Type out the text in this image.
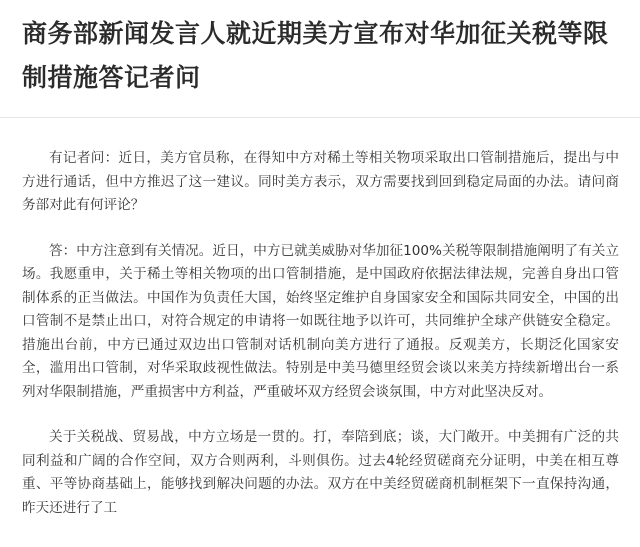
商务部新闻发言人就近期美方宣布对华加征关税等限制措施答记者问

有记者问：近日，美方官员称，在得知中方对稀土等相关物项采取出口管制措施后，提出与中方进行通话，但中方推迟了这一建议。同时美方表示，双方需要找到回到稳定局面的办法。请问商务部对此有何评论？

答：中方注意到有关情况。近日，中方已就美威胁对华加征100%关税等限制措施阐明了有关立场。我愿重申，关于稀土等相关物项的出口管制措施，是中国政府依据法律法规，完善自身出口管制体系的正当做法。中国作为负责任大国，始终坚定维护自身国家安全和国际共同安全，中国的出口管制不是禁止出口，对符合规定的申请将一如既往地予以许可，共同维护全球产供链安全稳定。措施出台前，中方已通过双边出口管制对话机制向美方进行了通报。反观美方，长期泛化国家安全，滥用出口管制，对华采取歧视性做法。特别是中美马德里经贸会谈以来美方持续新增出台一系列对华限制措施，严重损害中方利益，严重破坏双方经贸会谈氛围，中方对此坚决反对。

关于关税战、贸易战，中方立场是一贯的。打，奉陪到底；谈，大门敞开。中美拥有广泛的共同利益和广阔的合作空间，双方合则两利，斗则俱伤。过去4轮经贸磋商充分证明，中美在相互尊重、平等协商基础上，能够找到解决问题的办法。双方在中美经贸磋商机制框架下一直保持沟通，昨天还进行了工
